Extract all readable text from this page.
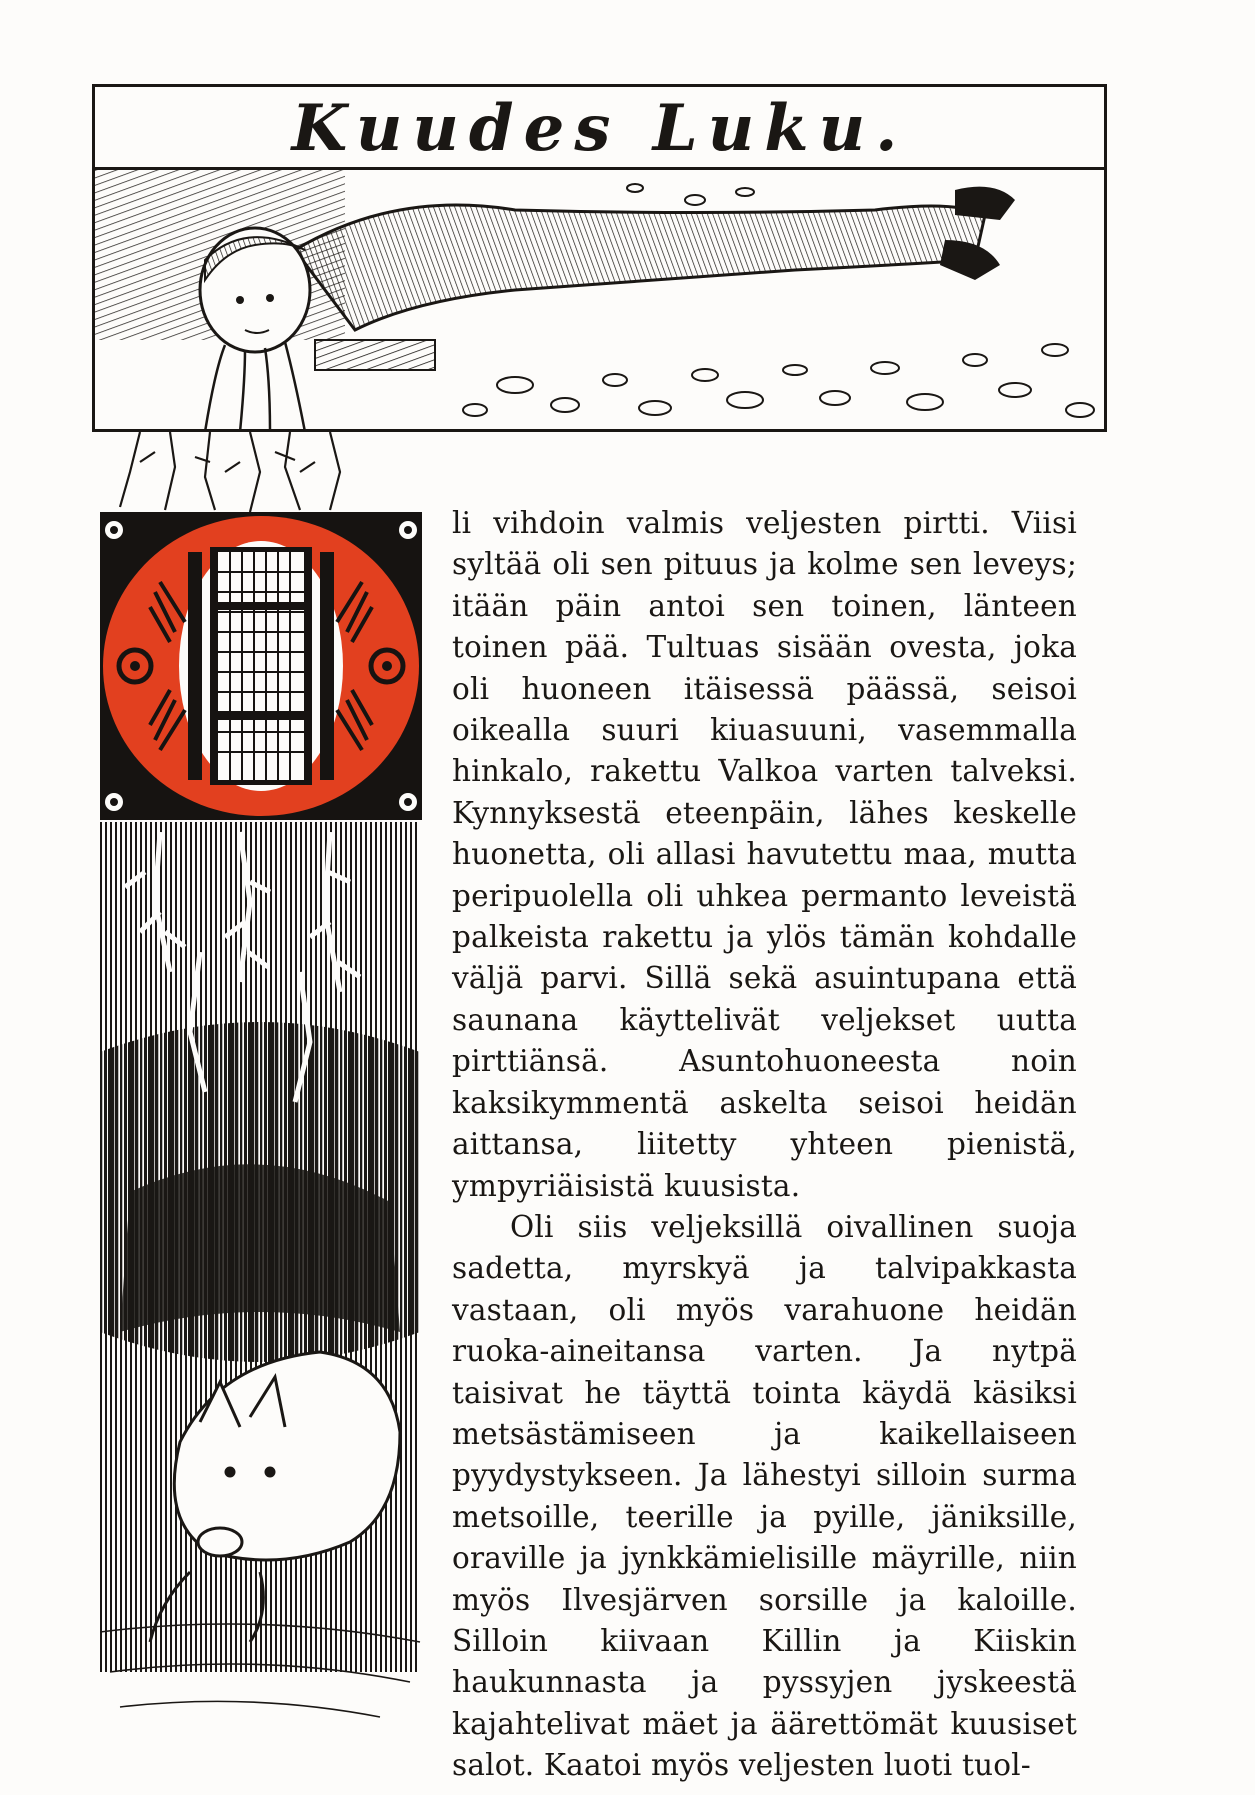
Kuudes Luku.

li vihdoin valmis veljesten pirtti. Viisi syltää oli sen pituus ja kolme sen leveys; itään päin antoi sen toinen, länteen toinen pää. Tultuas sisään ovesta, joka oli huoneen itäisessä päässä, seisoi oikealla suuri kiuasuuni, vasemmalla hinkalo, rakettu Valkoa varten talveksi. Kynnyksestä eteenpäin, lähes keskelle huonetta, oli allasi havutettu maa, mutta peripuolella oli uhkea permanto leveistä palkeista rakettu ja ylös tämän kohdalle väljä parvi. Sillä sekä asuintupana että saunana käyttelivät veljekset uutta pirttiänsä. Asuntohuoneesta noin kaksikymmentä askelta seisoi heidän aittansa, liitetty yhteen pienistä, ympyriäisistä kuusista.

Oli siis veljeksillä oivallinen suoja sadetta, myrskyä ja talvipakkasta vastaan, oli myös varahuone heidän ruoka-aineitansa varten. Ja nytpä taisivat he täyttä tointa käydä käsiksi metsästämiseen ja kaikellaiseen pyydystykseen. Ja lähestyi silloin surma metsoille, teerille ja pyille, jäniksille, oraville ja jynkkämielisille mäyrille, niin myös Ilvesjärven sorsille ja kaloille. Silloin kiivaan Killin ja Kiiskin haukunnasta ja pyssyjen jyskeestä kajahtelivat mäet ja äärettömät kuusiset salot. Kaatoi myös veljesten luoti tuol-
